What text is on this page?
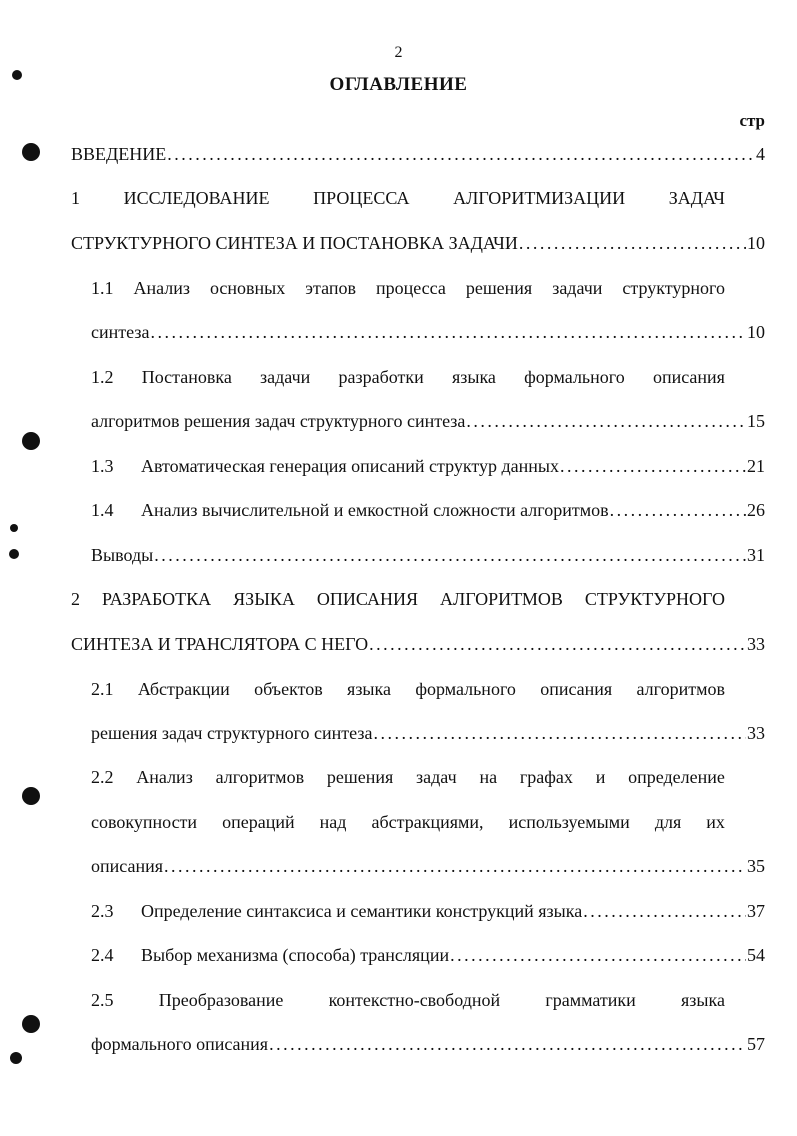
2
ОГЛАВЛЕНИЕ
стр
ВВЕДЕНИЕ . . .	4
1 ИССЛЕДОВАНИЕ ПРОЦЕССА АЛГОРИТМИЗАЦИИ ЗАДАЧ
СТРУКТУРНОГО СИНТЕЗА И ПОСТАНОВКА ЗАДАЧИ . . .	10
1.1 Анализ основных этапов процесса решения задачи структурного
синтеза . . .	10
1.2 Постановка задачи разработки языка формального описания
алгоритмов решения задач структурного синтеза . . .	15
1.3 Автоматическая генерация описаний структур данных . . .	21
1.4 Анализ вычислительной и емкостной сложности алгоритмов . . .	26
Выводы . . .	31
2 РАЗРАБОТКА ЯЗЫКА ОПИСАНИЯ АЛГОРИТМОВ СТРУКТУРНОГО
СИНТЕЗА И ТРАНСЛЯТОРА С НЕГО . . .	33
2.1 Абстракции объектов языка формального описания алгоритмов
решения задач структурного синтеза . . .	33
2.2 Анализ алгоритмов решения задач на графах и определение
совокупности операций над абстракциями, используемыми для их
описания . . .	35
2.3 Определение синтаксиса и семантики конструкций языка . . .	37
2.4 Выбор механизма (способа) трансляции . . .	54
2.5	Преобразование	контекстно-свободной	грамматики	языка
формального описания . . .	57
